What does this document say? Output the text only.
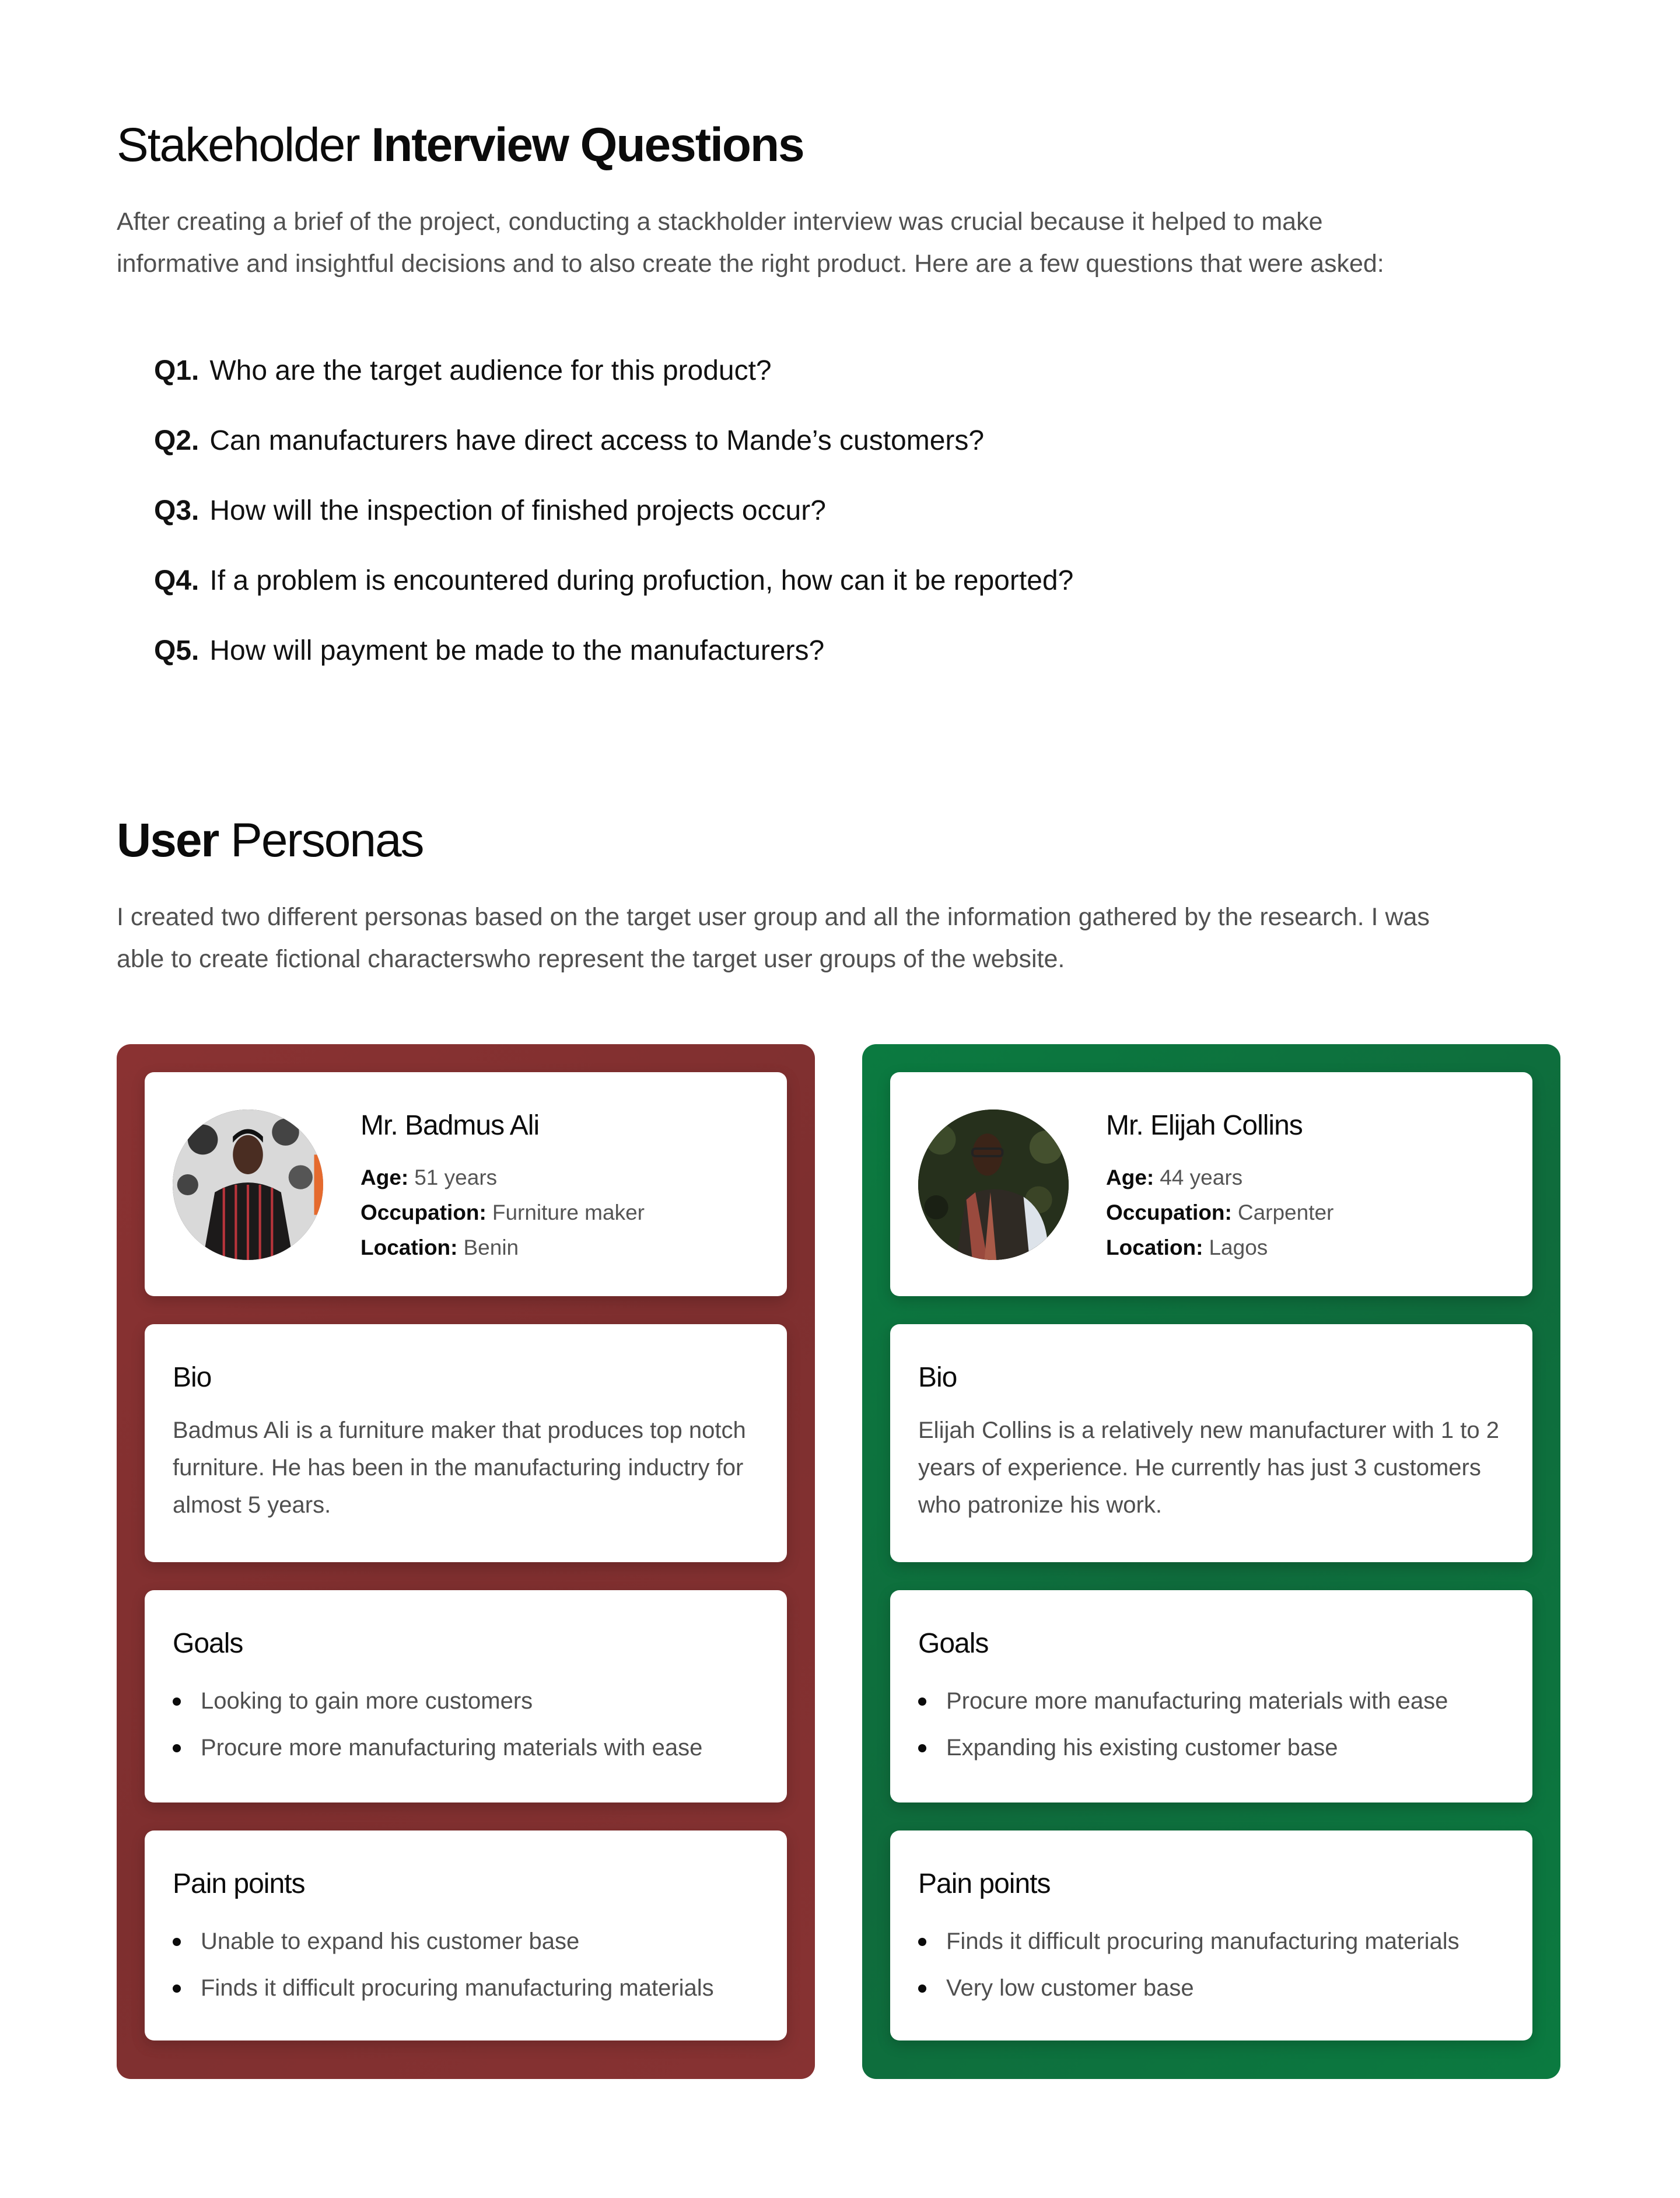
Stakeholder Interview Questions

After creating a brief of the project, conducting a stackholder interview was crucial because it helped to make
informative and insightful decisions and to also create the right product. Here are a few questions that were asked:

Q1. Who are the target audience for this product?
Q2. Can manufacturers have direct access to Mande’s customers?
Q3. How will the inspection of finished projects occur?
Q4. If a problem is encountered during profuction, how can it be reported?
Q5. How will payment be made to the manufacturers?
User Personas

I created two different personas based on the target user group and all the information gathered by the research. I was
able to create fictional characterswho represent the target user groups of the website.

Mr. Badmus Ali
Age: 51 years
Occupation: Furniture maker
Location: Benin
Bio
Badmus Ali is a furniture maker that produces top notch furniture. He has been in the manufacturing inductry for almost 5 years.
Goals
Looking to gain more customers
Procure more manufacturing materials with ease
Pain points
Unable to expand his customer base
Finds it difficult procuring manufacturing materials
Mr. Elijah Collins
Age: 44 years
Occupation: Carpenter
Location: Lagos
Bio
Elijah Collins is a relatively new manufacturer with 1 to 2 years of experience. He currently has just 3 customers who patronize his work.
Goals
Procure more manufacturing materials with ease
Expanding his existing customer base
Pain points
Finds it difficult procuring manufacturing materials
Very low customer base
